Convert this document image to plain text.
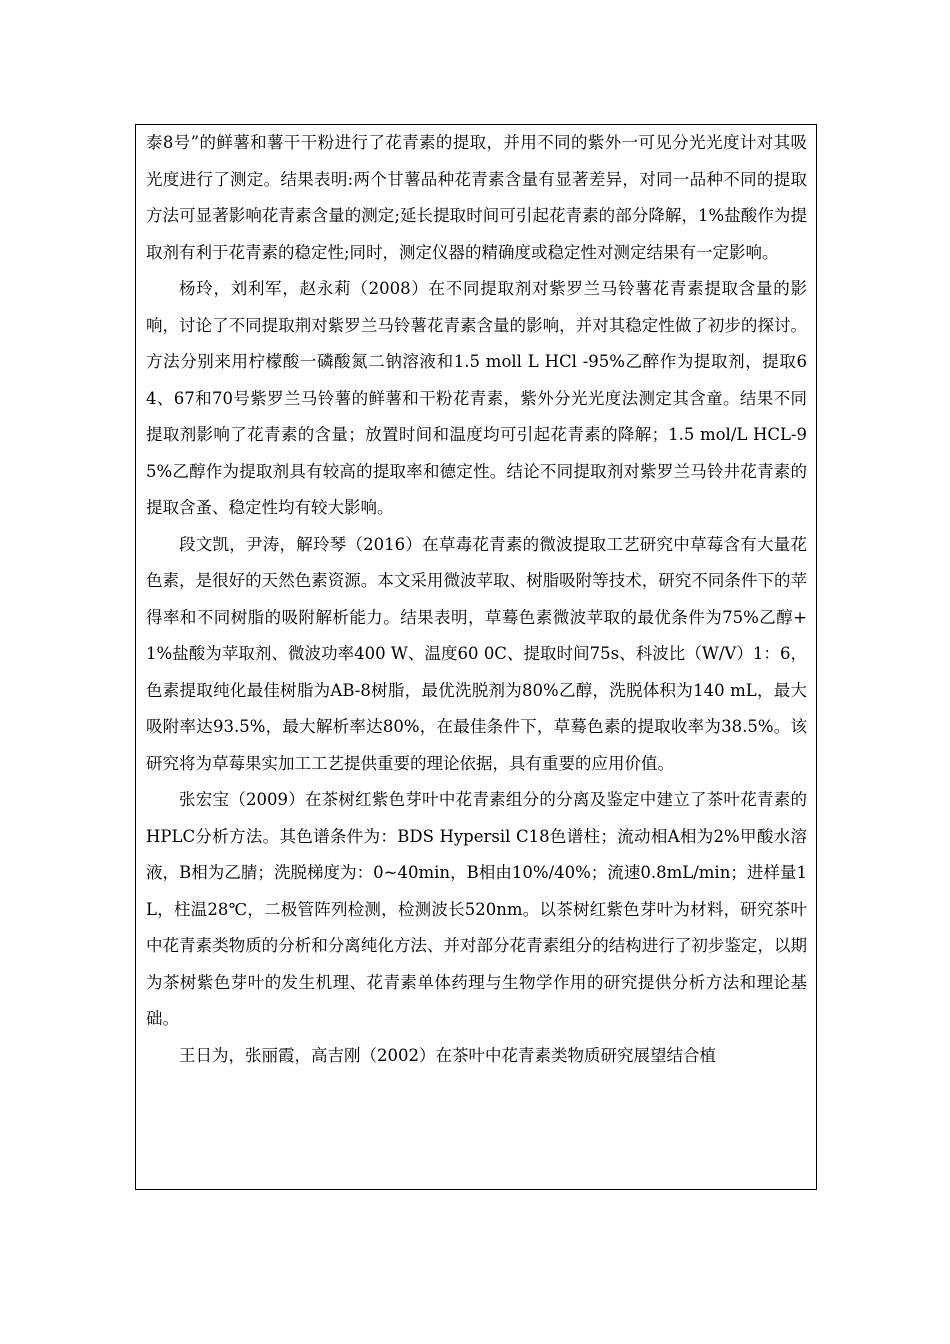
泰8号”的鲜薯和薯干干粉进行了花青素的提取，并用不同的紫外一可见分光光度计对其吸光度进行了测定。结果表明:两个甘薯品种花青素含量有显著差异，对同一品种不同的提取方法可显著影响花青素含量的测定;延长提取时间可引起花青素的部分降解，1%盐酸作为提取剂有利于花青素的稳定性;同时，测定仪器的精确度或稳定性对测定结果有一定影响。

杨玲，刘利军，赵永莉（2008）在不同提取剂对紫罗兰马铃薯花青素提取含量的影响，讨论了不同提取荆对紫罗兰马铃薯花青素含量的影响，并对其稳定性做了初步的探讨。方法分别来用柠檬酸一磷酸氮二钠溶液和1.5 moll L HCl -95%乙醉作为提取剂，提取64、67和70号紫罗兰马铃薯的鲜薯和干粉花青素，紫外分光光度法测定其含童。结果不同提取剂影响了花青素的含量；放置时间和温度均可引起花青素的降解；1.5 mol/L HCL-95%乙醇作为提取剂具有较高的提取率和德定性。结论不同提取剂对紫罗兰马铃井花青素的提取含蚤、稳定性均有较大影响。

段文凯，尹涛，解玲琴（2016）在草毒花青素的微波提取工艺研究中草莓含有大量花色素，是很好的天然色素资源。本文采用微波苹取、树脂吸附等技术，研究不同条件下的苹得率和不同树脂的吸附解析能力。结果表明，草蓦色素微波苹取的最优条件为75%乙醇+1%盐酸为苹取剂、微波功率400 W、温度60 0C、提取时间75s、科波比（W/V）1：6，色素提取纯化最佳树脂为AB-8树脂，最优洗脱剂为80%乙醇，洗脱体积为140 mL，最大吸附率达93.5%，最大解析率达80%，在最佳条件下，草蓦色素的提取收率为38.5%。该研究将为草莓果实加工工艺提供重要的理论依据，具有重要的应用价值。

张宏宝（2009）在茶树红紫色芽叶中花青素组分的分离及鉴定中建立了茶叶花青素的HPLC分析方法。其色谱条件为：BDS Hypersil C18色谱柱；流动相A相为2%甲酸水溶液，B相为乙腈；洗脱梯度为：0~40min，B相由10%/40%；流速0.8mL/min；进样量1L，柱温28℃，二极管阵列检测，检测波长520nm。以茶树红紫色芽叶为材料，研究茶叶中花青素类物质的分析和分离纯化方法、并对部分花青素组分的结构进行了初步鉴定，以期为茶树紫色芽叶的发生机理、花青素单体药理与生物学作用的研究提供分析方法和理论基础。

王日为，张丽霞，高吉刚（2002）在茶叶中花青素类物质研究展望结合植
